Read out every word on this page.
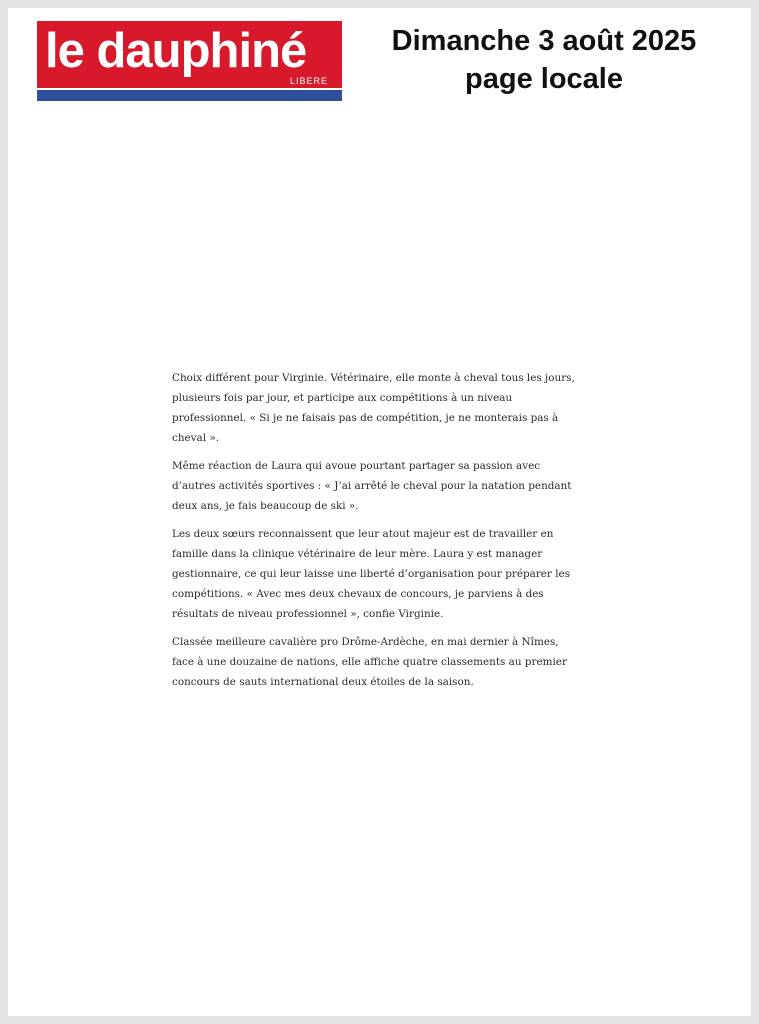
le dauphiné
LIBERE
Dimanche 3 août 2025
page locale

Choix différent pour Virginie. Vétérinaire, elle monte à cheval tous les jours, plusieurs fois par jour, et participe aux compétitions à un niveau professionnel. « Si je ne faisais pas de compétition, je ne monterais pas à cheval ».

Même réaction de Laura qui avoue pourtant partager sa passion avec d’autres activités sportives : « J’ai arrêté le cheval pour la natation pendant deux ans, je fais beaucoup de ski ».

Les deux sœurs reconnaissent que leur atout majeur est de travailler en famille dans la clinique vétérinaire de leur mère. Laura y est manager gestionnaire, ce qui leur laisse une liberté d’organisation pour préparer les compétitions. « Avec mes deux chevaux de concours, je parviens à des résultats de niveau professionnel », confie Virginie.

Classée meilleure cavalière pro Drôme-Ardèche, en mai dernier à Nîmes, face à une douzaine de nations, elle affiche quatre classements au premier concours de sauts international deux étoiles de la saison.
